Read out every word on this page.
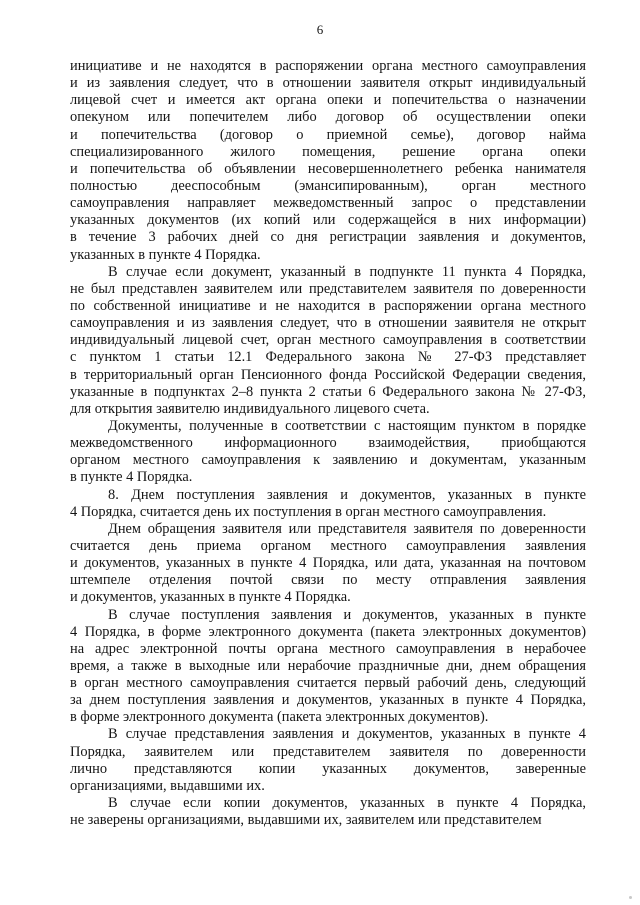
6
инициативе и не находятся в распоряжении органа местного самоуправления
и из заявления следует, что в отношении заявителя открыт индивидуальный
лицевой счет и имеется акт органа опеки и попечительства о назначении
опекуном или попечителем либо договор об осуществлении опеки
и попечительства (договор о приемной семье), договор найма
специализированного жилого помещения, решение органа опеки
и попечительства об объявлении несовершеннолетнего ребенка нанимателя
полностью дееспособным (эмансипированным), орган местного
самоуправления направляет межведомственный запрос о представлении
указанных документов (их копий или содержащейся в них информации)
в течение 3 рабочих дней со дня регистрации заявления и документов,
указанных в пункте 4 Порядка.
В случае если документ, указанный в подпункте 11 пункта 4 Порядка,
не был представлен заявителем или представителем заявителя по доверенности
по собственной инициативе и не находится в распоряжении органа местного
самоуправления и из заявления следует, что в отношении заявителя не открыт
индивидуальный лицевой счет, орган местного самоуправления в соответствии
с пунктом 1 статьи 12.1 Федерального закона № 27-ФЗ представляет
в территориальный орган Пенсионного фонда Российской Федерации сведения,
указанные в подпунктах 2–8 пункта 2 статьи 6 Федерального закона № 27-ФЗ,
для открытия заявителю индивидуального лицевого счета.
Документы, полученные в соответствии с настоящим пунктом в порядке
межведомственного информационного взаимодействия, приобщаются
органом местного самоуправления к заявлению и документам, указанным
в пункте 4 Порядка.
8. Днем поступления заявления и документов, указанных в пункте
4 Порядка, считается день их поступления в орган местного самоуправления.
Днем обращения заявителя или представителя заявителя по доверенности
считается день приема органом местного самоуправления заявления
и документов, указанных в пункте 4 Порядка, или дата, указанная на почтовом
штемпеле отделения почтой связи по месту отправления заявления
и документов, указанных в пункте 4 Порядка.
В случае поступления заявления и документов, указанных в пункте
4 Порядка, в форме электронного документа (пакета электронных документов)
на адрес электронной почты органа местного самоуправления в нерабочее
время, а также в выходные или нерабочие праздничные дни, днем обращения
в орган местного самоуправления считается первый рабочий день, следующий
за днем поступления заявления и документов, указанных в пункте 4 Порядка,
в форме электронного документа (пакета электронных документов).
В случае представления заявления и документов, указанных в пункте 4
Порядка, заявителем или представителем заявителя по доверенности
лично представляются копии указанных документов, заверенные
организациями, выдавшими их.
В случае если копии документов, указанных в пункте 4 Порядка,
не заверены организациями, выдавшими их, заявителем или представителем
